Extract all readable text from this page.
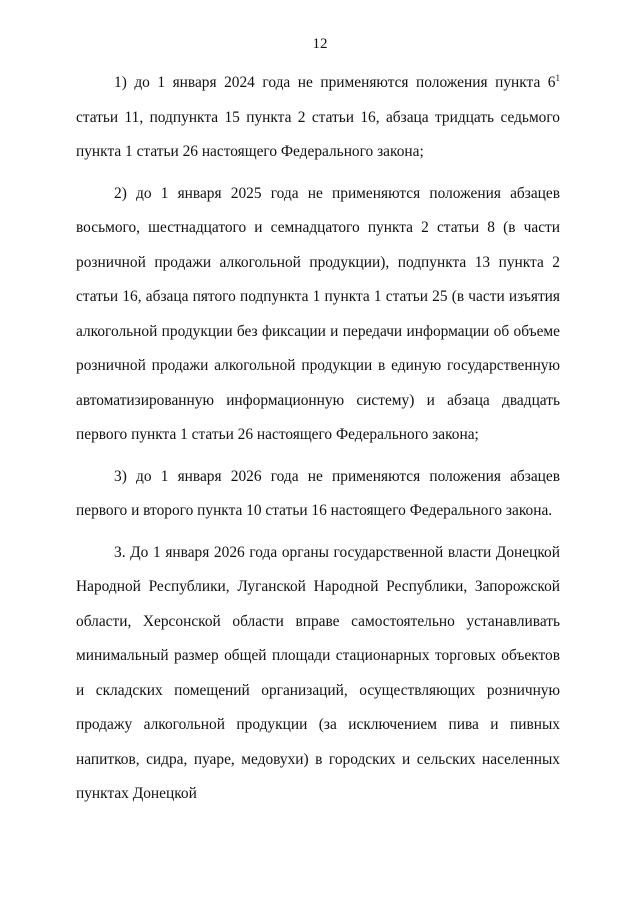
12

1) до 1 января 2024 года не применяются положения пункта $6^1$ статьи 11, подпункта 15 пункта 2 статьи 16, абзаца тридцать седьмого пункта 1 статьи 26 настоящего Федерального закона;

2) до 1 января 2025 года не применяются положения абзацев восьмого, шестнадцатого и семнадцатого пункта 2 статьи 8 (в части розничной продажи алкогольной продукции), подпункта 13 пункта 2 статьи 16, абзаца пятого подпункта 1 пункта 1 статьи 25 (в части изъятия алкогольной продукции без фиксации и передачи информации об объеме розничной продажи алкогольной продукции в единую государственную автоматизированную информационную систему) и абзаца двадцать первого пункта 1 статьи 26 настоящего Федерального закона;

3) до 1 января 2026 года не применяются положения абзацев первого и второго пункта 10 статьи 16 настоящего Федерального закона.

3. До 1 января 2026 года органы государственной власти Донецкой Народной Республики, Луганской Народной Республики, Запорожской области, Херсонской области вправе самостоятельно устанавливать минимальный размер общей площади стационарных торговых объектов и складских помещений организаций, осуществляющих розничную продажу алкогольной продукции (за исключением пива и пивных напитков, сидра, пуаре, медовухи) в городских и сельских населенных пунктах Донецкой
